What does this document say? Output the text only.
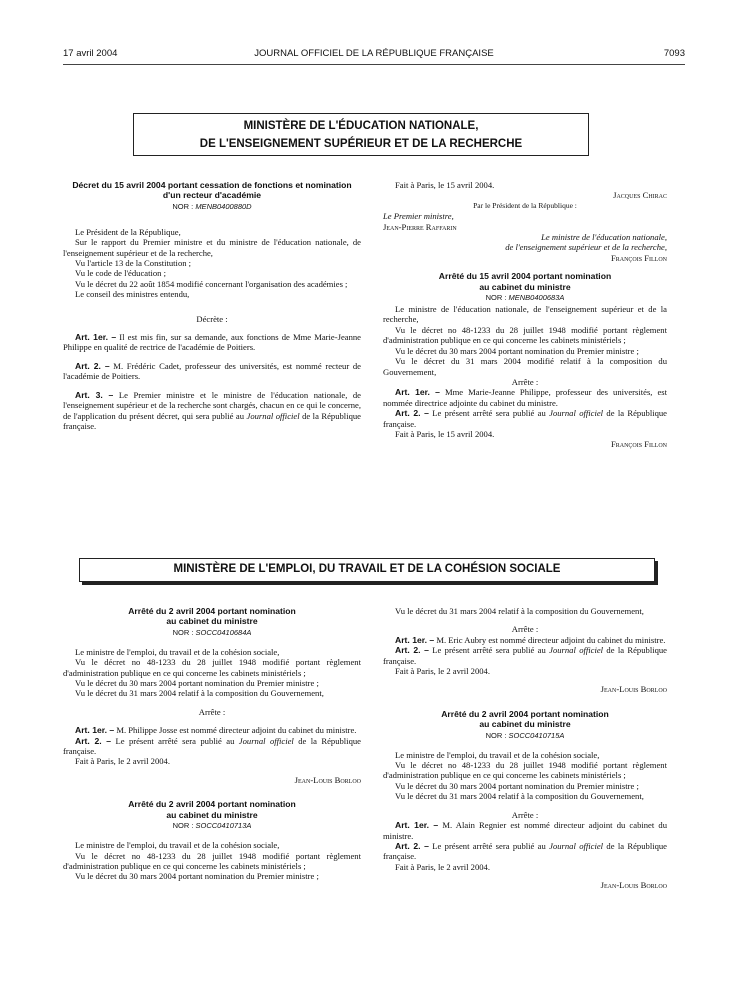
17 avril 2004	JOURNAL OFFICIEL DE LA RÉPUBLIQUE FRANÇAISE	7093
MINISTÈRE DE L'ÉDUCATION NATIONALE,
DE L'ENSEIGNEMENT SUPÉRIEUR ET DE LA RECHERCHE
Décret du 15 avril 2004 portant cessation de fonctions et nomination d'un recteur d'académie
NOR : MENB0400880D

Le Président de la République,

Sur le rapport du Premier ministre et du ministre de l'éducation nationale, de l'enseignement supérieur et de la recherche,

Vu l'article 13 de la Constitution ;

Vu le code de l'éducation ;

Vu le décret du 22 août 1854 modifié concernant l'organisation des académies ;

Le conseil des ministres entendu,

Décrète :

Art. 1er. – Il est mis fin, sur sa demande, aux fonctions de Mme Marie-Jeanne Philippe en qualité de rectrice de l'académie de Poitiers.

Art. 2. – M. Frédéric Cadet, professeur des universités, est nommé recteur de l'académie de Poitiers.

Art. 3. – Le Premier ministre et le ministre de l'éducation nationale, de l'enseignement supérieur et de la recherche sont chargés, chacun en ce qui le concerne, de l'application du présent décret, qui sera publié au Journal officiel de la République française.

Fait à Paris, le 15 avril 2004.

Jacques Chirac
Par le Président de la République :
Le Premier ministre,
Jean-Pierre Raffarin
Le ministre de l'éducation nationale,
de l'enseignement supérieur et de la recherche,
François Fillon
Arrêté du 15 avril 2004 portant nomination
au cabinet du ministre
NOR : MENB0400683A

Le ministre de l'éducation nationale, de l'enseignement supérieur et de la recherche,

Vu le décret no 48-1233 du 28 juillet 1948 modifié portant règlement d'administration publique en ce qui concerne les cabinets ministériels ;

Vu le décret du 30 mars 2004 portant nomination du Premier ministre ;

Vu le décret du 31 mars 2004 modifié relatif à la composition du Gouvernement,

Arrête :

Art. 1er. – Mme Marie-Jeanne Philippe, professeur des universités, est nommée directrice adjointe du cabinet du ministre.

Art. 2. – Le présent arrêté sera publié au Journal officiel de la République française.

Fait à Paris, le 15 avril 2004.

François Fillon
MINISTÈRE DE L'EMPLOI, DU TRAVAIL ET DE LA COHÉSION SOCIALE
Arrêté du 2 avril 2004 portant nomination
au cabinet du ministre
NOR : SOCC0410684A

Le ministre de l'emploi, du travail et de la cohésion sociale,

Vu le décret no 48-1233 du 28 juillet 1948 modifié portant règlement d'administration publique en ce qui concerne les cabinets ministériels ;

Vu le décret du 30 mars 2004 portant nomination du Premier ministre ;

Vu le décret du 31 mars 2004 relatif à la composition du Gouvernement,

Arrête :

Art. 1er. – M. Philippe Josse est nommé directeur adjoint du cabinet du ministre.

Art. 2. – Le présent arrêté sera publié au Journal officiel de la République française.

Fait à Paris, le 2 avril 2004.

Jean-Louis Borloo
Arrêté du 2 avril 2004 portant nomination
au cabinet du ministre
NOR : SOCC0410713A

Le ministre de l'emploi, du travail et de la cohésion sociale,

Vu le décret no 48-1233 du 28 juillet 1948 modifié portant règlement d'administration publique en ce qui concerne les cabinets ministériels ;

Vu le décret du 30 mars 2004 portant nomination du Premier ministre ;

Vu le décret du 31 mars 2004 relatif à la composition du Gouvernement,

Arrête :

Art. 1er. – M. Eric Aubry est nommé directeur adjoint du cabinet du ministre.

Art. 2. – Le présent arrêté sera publié au Journal officiel de la République française.

Fait à Paris, le 2 avril 2004.

Jean-Louis Borloo
Arrêté du 2 avril 2004 portant nomination
au cabinet du ministre
NOR : SOCC0410715A

Le ministre de l'emploi, du travail et de la cohésion sociale,

Vu le décret no 48-1233 du 28 juillet 1948 modifié portant règlement d'administration publique en ce qui concerne les cabinets ministériels ;

Vu le décret du 30 mars 2004 portant nomination du Premier ministre ;

Vu le décret du 31 mars 2004 relatif à la composition du Gouvernement,

Arrête :

Art. 1er. – M. Alain Regnier est nommé directeur adjoint du cabinet du ministre.

Art. 2. – Le présent arrêté sera publié au Journal officiel de la République française.

Fait à Paris, le 2 avril 2004.

Jean-Louis Borloo
